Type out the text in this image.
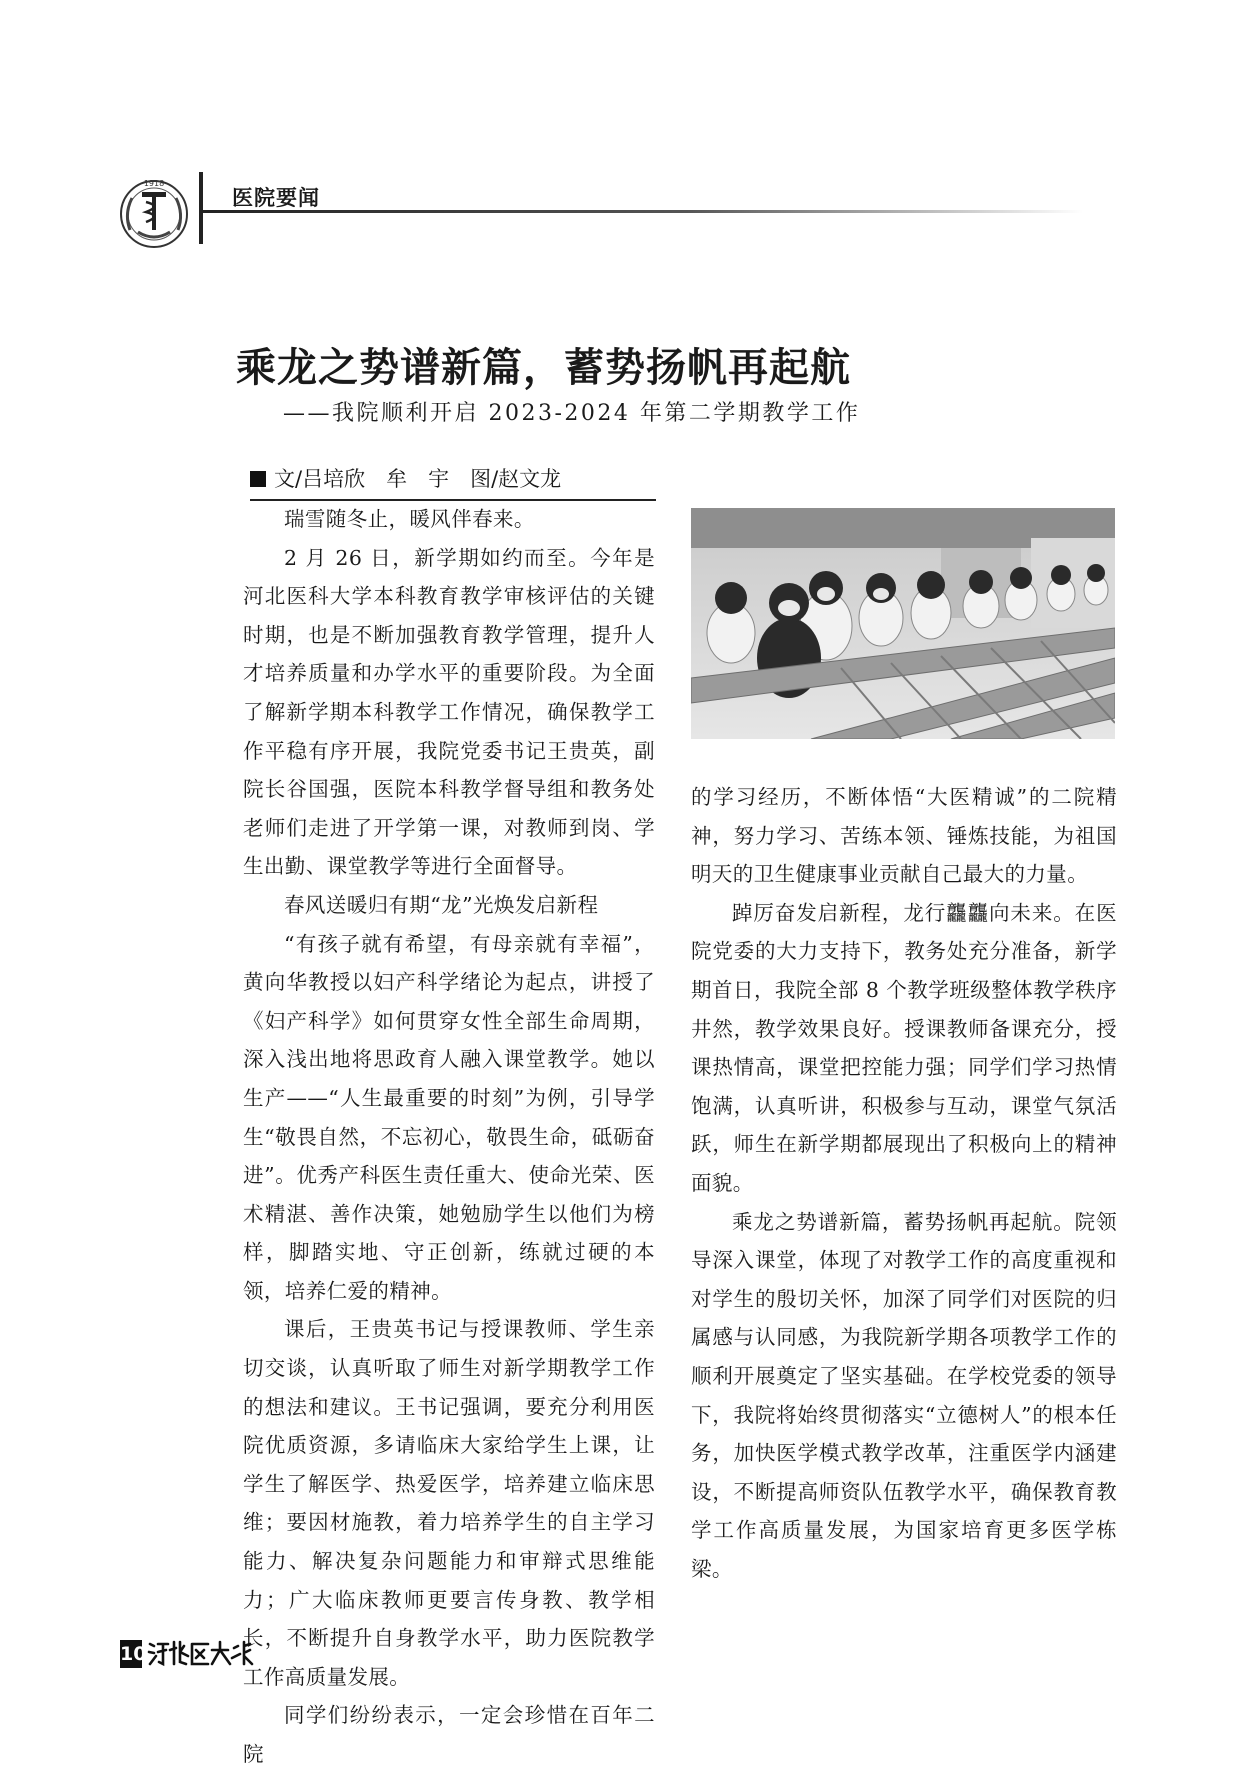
1918
医院要闻
乘龙之势谱新篇，蓄势扬帆再起航
——我院顺利开启 2023-2024 年第二学期教学工作
文/吕培欣　牟　宇　图/赵文龙

瑞雪随冬止，暖风伴春来。

2 月 26 日，新学期如约而至。今年是河北医科大学本科教育教学审核评估的关键时期，也是不断加强教育教学管理，提升人才培养质量和办学水平的重要阶段。为全面了解新学期本科教学工作情况，确保教学工作平稳有序开展，我院党委书记王贵英，副院长谷国强，医院本科教学督导组和教务处老师们走进了开学第一课，对教师到岗、学生出勤、课堂教学等进行全面督导。

春风送暖归有期“龙”光焕发启新程

“有孩子就有希望，有母亲就有幸福”，黄向华教授以妇产科学绪论为起点，讲授了《妇产科学》如何贯穿女性全部生命周期，深入浅出地将思政育人融入课堂教学。她以生产——“人生最重要的时刻”为例，引导学生“敬畏自然，不忘初心，敬畏生命，砥砺奋进”。优秀产科医生责任重大、使命光荣、医术精湛、善作决策，她勉励学生以他们为榜样，脚踏实地、守正创新，练就过硬的本领，培养仁爱的精神。

课后，王贵英书记与授课教师、学生亲切交谈，认真听取了师生对新学期教学工作的想法和建议。王书记强调，要充分利用医院优质资源，多请临床大家给学生上课，让学生了解医学、热爱医学，培养建立临床思维；要因材施教，着力培养学生的自主学习能力、解决复杂问题能力和审辩式思维能力；广大临床教师更要言传身教、教学相长，不断提升自身教学水平，助力医院教学工作高质量发展。

同学们纷纷表示，一定会珍惜在百年二院

的学习经历，不断体悟“大医精诚”的二院精神，努力学习、苦练本领、锤炼技能，为祖国明天的卫生健康事业贡献自己最大的力量。

踔厉奋发启新程，龙行龘龘向未来。在医院党委的大力支持下，教务处充分准备，新学期首日，我院全部 8 个教学班级整体教学秩序井然，教学效果良好。授课教师备课充分，授课热情高，课堂把控能力强；同学们学习热情饱满，认真听讲，积极参与互动，课堂气氛活跃，师生在新学期都展现出了积极向上的精神面貌。

乘龙之势谱新篇，蓄势扬帆再起航。院领导深入课堂，体现了对教学工作的高度重视和对学生的殷切关怀，加深了同学们对医院的归属感与认同感，为我院新学期各项教学工作的顺利开展奠定了坚实基础。在学校党委的领导下，我院将始终贯彻落实“立德树人”的根本任务，加快医学模式教学改革，注重医学内涵建设，不断提高师资队伍教学水平，确保教育教学工作高质量发展，为国家培育更多医学栋梁。

10
